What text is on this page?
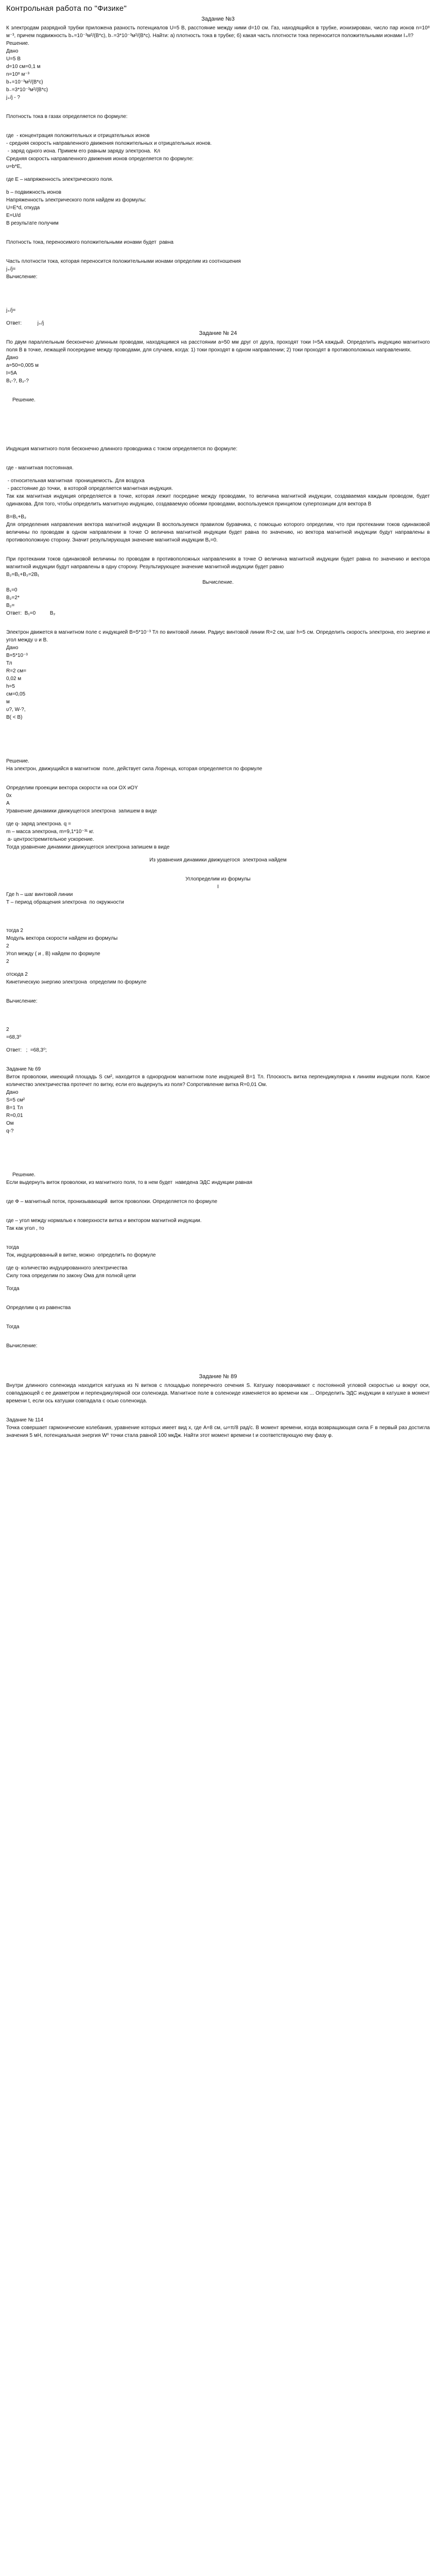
Контрольная работа по "Физике"
Задание №3

К электродам разрядной трубки приложена разность потенциалов U=5 В, расстояние между ними d=10 см. Газ, находящийся в трубке, ионизирован, число пар ионов n=10⁸ м⁻³, причем подвижность b₊=10⁻³м²/(В*с), b₋=3*10⁻³м²/(В*с). Найти: а) плотность тока в трубке; б) какая часть плотности тока переносится положительными ионами I₊/I?

Решение.

Дано

U=5 В

d=10 см=0,1 м

n=10⁸ м⁻³

b₊=10⁻³м²/(В*с)

b₋=3*10⁻³м²/(В*с)

j₊/j - ?

Плотность тока в газах определяется по формуле:

где  - концентрация положительных и отрицательных ионов

- средняя скорость направленного движения положительных и отрицательных ионов.

- заряд одного иона. Примем его равным заряду электрона.  Кл

Средняя скорость направленного движения ионов определяется по формуле:

υ=b*E,

где E – напряженность электрического поля.

b – подвижность ионов

Напряженность электрического поля найдем из формулы:

U=E*d, откуда

E=U/d

В результате получим

Плотность тока, переносимого положительными ионами будет  равна

Часть плотности тока, которая переносится положительными ионами определим из соотношения

j₊/j=

Вычисление:

j₊/j=

Ответ:           j₊/j

Задание № 24

По двум параллельным бесконечно длинным проводам, находящимся на расстоянии a=50 мм друг от друга, проходят токи I=5A каждый. Определить индукцию магнитного поля B в точке, лежащей посередине между проводами, для случаев, когда: 1) токи проходят в одном направлении; 2) токи проходят в противоположных направлениях.

Дано

a=50=0,005 м

I=5A

B₁-?, B₂-?

Решение.

Индукция магнитного поля бесконечно длинного проводника с током определяется по формуле:

где - магнитная постоянная.

- относительная магнитная  проницаемость. Для воздуха

- расстояние до точки,  в которой определяется магнитная индукция.

Так как магнитная индукция определяется в точке, которая лежит посредине между проводами, то величина магнитной индукции, создаваемая каждым проводом, будет одинакова. Для того, чтобы определить магнитную индукцию, создаваемую обоими проводами, воспользуемся принципом суперпозиции для вектора B

B=B₁+B₂

Для определения направления вектора магнитной индукции B воспользуемся правилом буравчика, с помощью которого определим, что при протекании токов одинаковой величины по проводам в одном направлении в точке O величина магнитной индукции будет равна по значению, но вектора магнитной индукции будут направлены в противоположную сторону. Значит результирующая значение магнитной индукции B₁=0.

При протекании токов одинаковой величины по проводам в противоположных направлениях в точке O величина магнитной индукции будет равна по значению и вектора магнитной индукции будут направлены в одну сторону. Результирующее значение магнитной индукции будет равно

B₂=B₁+B₂=2B₁

Вычисление.

B₁=0

B₂=2*

B₂=

Ответ:  B₁=0          B₂

Электрон движется в магнитном поле с индукцией B=5*10⁻³ Тл по винтовой линии. Радиус винтовой линии R=2 см, шаг h=5 см. Определить скорость электрона, его энергию и угол между υ и B.

Дано

B=5*10⁻³

Тл

R=2 см=

0,02 м

h=5

см=0,05

м

υ?, W-?,

B( < B)

Решение.

На электрон, движущийся в магнитном  поле, действует сила Лоренца, которая определяется по формуле

Определим проекции вектора скорости на оси OX иOY

0х

A

Уравнение динамики движущегося электрона  запишем в виде

где q- заряд электрона. q =

m – масса электрона, m=9,1*10⁻³¹ кг.

a- центростремительное ускорение.

Тогда уравнение динамики движущегося электрона запишем в виде

Из уравнения динамики движущегося  электрона найдем

Углопределим из формулы

I

Где h – шаг винтовой линии

T – период обращения электрона  по окружности

тогда 2

Модуль вектора скорости найдем из формулы

2

Угол между ( и , B) найдем по формуле

2

отсюда 2

Кинетическую энергию электрона  определим по формуле

Вычисление:

2

=68,3⁰

Ответ:   ;  =68,3⁰;

Задание № 69

Виток проволоки, имеющий площадь S см², находится в однородном магнитном поле индукцией B=1 Тл. Плоскость витка перпендикулярна к линиям индукции поля. Какое количество электричества протечет по витку, если его выдернуть из поля? Сопротивление витка R=0,01 Ом.

Дано

S=5 см²

B=1 Тл

R=0,01

Ом

q-?

Решение.

Если выдернуть виток проволоки, из магнитного поля, то в нем будет  наведена ЭДС индукции равная

где Ф – магнитный поток, пронизывающий  виток проволоки. Определяется по формуле

где – угол между нормалью к поверхности витка и вектором магнитной индукции.

Так как угол , то

тогда

Ток, индуцированный в витке, можно  определить по формуле

где q- количество индуцированного электричества

Силу тока определим по закону Ома для полной цепи

Тогда

Определим q из равенства

Тогда

Вычисление:

Задание № 89

Внутри длинного соленоида находится катушка из N витков с площадью поперечного сечения S. Катушку поворачивают с постоянной угловой скоростью ω вокруг оси, совпадающей с ее диаметром и перпендикулярной оси соленоида. Магнитное поле в соленоиде изменяется во времени как ... Определить ЭДС индукции в катушке в момент времени t, если ось катушки совпадала с осью соленоида.

Задание № 114

Точка совершает гармонические колебания, уравнение которых имеет вид x, где A=8 см, ω=π/8 рад/с. В момент времени, когда возвращающая сила F в первый раз достигла значения 5 мН, потенциальная энергия W⁰ точки стала равной 100 мкДж. Найти этот момент времени t и соответствующую ему фазу φ.
